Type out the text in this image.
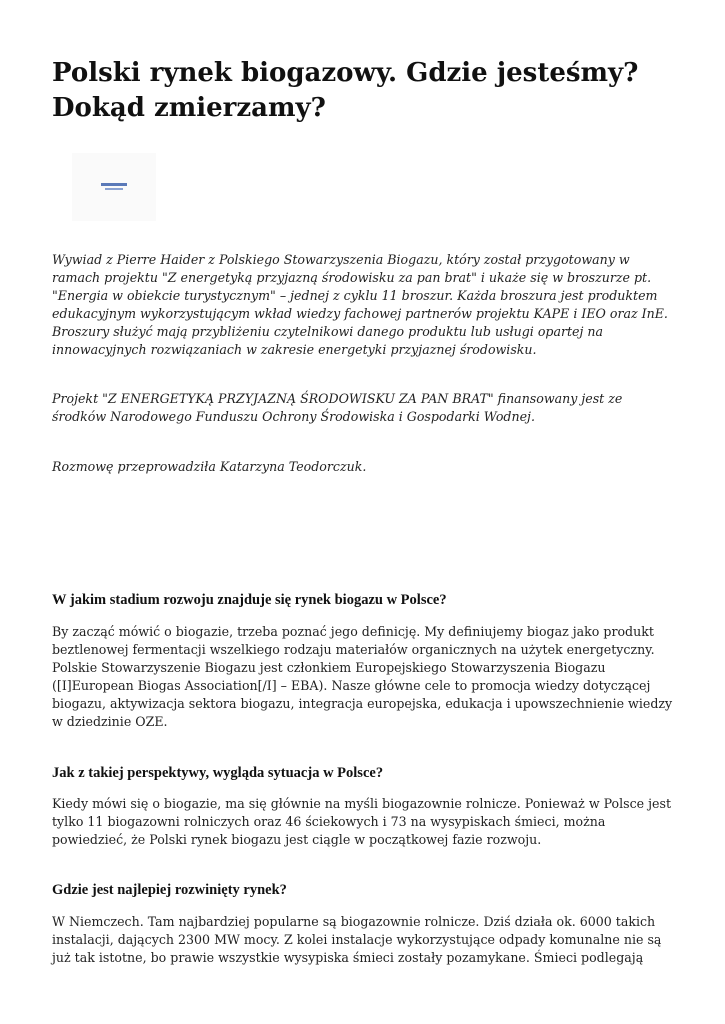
Polski rynek biogazowy. Gdzie jesteśmy? Dokąd zmierzamy?

Wywiad z Pierre Haider z Polskiego Stowarzyszenia Biogazu, który został przygotowany w ramach projektu "Z energetyką przyjazną środowisku za pan brat" i ukaże się w broszurze pt. "Energia w obiekcie turystycznym" – jednej z cyklu 11 broszur. Każda broszura jest produktem edukacyjnym wykorzystującym wkład wiedzy fachowej partnerów projektu KAPE i IEO oraz InE. Broszury służyć mają przybliżeniu czytelnikowi danego produktu lub usługi opartej na innowacyjnych rozwiązaniach w zakresie energetyki przyjaznej środowisku.

Projekt "Z ENERGETYKĄ PRZYJAZNĄ ŚRODOWISKU ZA PAN BRAT" finansowany jest ze środków Narodowego Funduszu Ochrony Środowiska i Gospodarki Wodnej.

Rozmowę przeprowadziła Katarzyna Teodorczuk.

W jakim stadium rozwoju znajduje się rynek biogazu w Polsce?

By zacząć mówić o biogazie, trzeba poznać jego definicję. My definiujemy biogaz jako produkt beztlenowej fermentacji wszelkiego rodzaju materiałów organicznych na użytek energetyczny. Polskie Stowarzyszenie Biogazu jest członkiem Europejskiego Stowarzyszenia Biogazu ([I]European Biogas Association[/I] – EBA). Nasze główne cele to promocja wiedzy dotyczącej biogazu, aktywizacja sektora biogazu, integracja europejska, edukacja i upowszechnienie wiedzy w dziedzinie OZE.

Jak z takiej perspektywy, wygląda sytuacja w Polsce?

Kiedy mówi się o biogazie, ma się głównie na myśli biogazownie rolnicze. Ponieważ w Polsce jest tylko 11 biogazowni rolniczych oraz 46 ściekowych i 73 na wysypiskach śmieci, można powiedzieć, że Polski rynek biogazu jest ciągle w początkowej fazie rozwoju.

Gdzie jest najlepiej rozwinięty rynek?

W Niemczech. Tam najbardziej popularne są biogazownie rolnicze. Dziś działa ok. 6000 takich instalacji, dających 2300 MW mocy. Z kolei instalacje wykorzystujące odpady komunalne nie są już tak istotne, bo prawie wszystkie wysypiska śmieci zostały pozamykane. Śmieci podlegają
